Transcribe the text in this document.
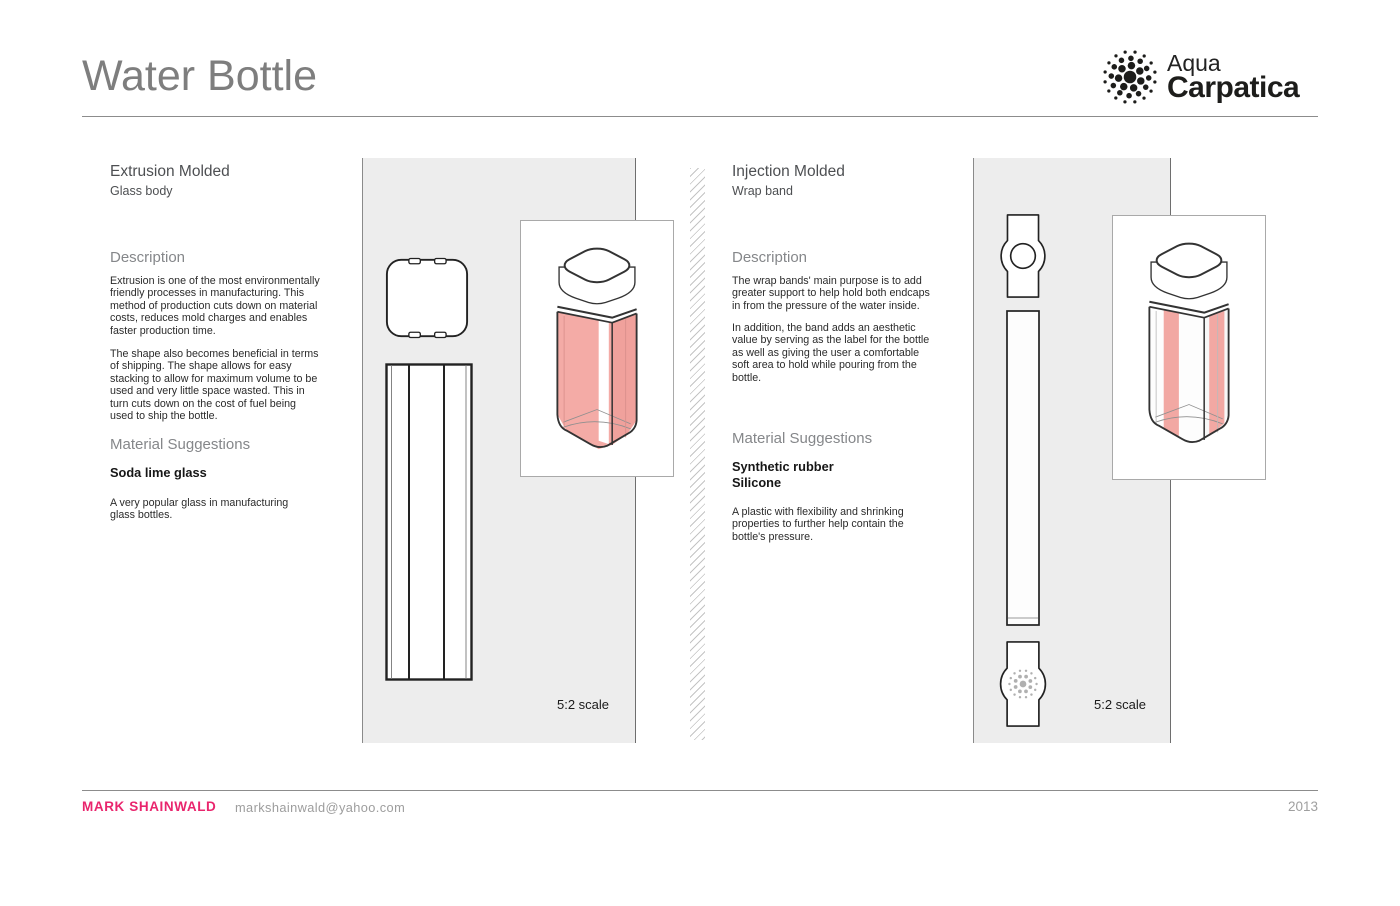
Water Bottle	Aqua
Carpatica
Extrusion Molded
Glass body
Description
Extrusion is one of the most environmentally friendly processes in manufacturing. This method of production cuts down on material costs, reduces mold charges and enables faster production time.
The shape also becomes beneficial in terms of shipping. The shape allows for easy stacking to allow for maximum volume to be used and very little space wasted. This in turn cuts down on the cost of fuel being used to ship the bottle.
Material Suggestions
Soda lime glass
A very popular glass in manufacturing glass bottles.
Injection Molded
Wrap band
Description
The wrap bands' main purpose is to add greater support to help hold both endcaps in from the pressure of the water inside.
In addition, the band adds an aesthetic value by serving as the label for the bottle as well as giving the user a comfortable soft area to hold while pouring from the bottle.
Material Suggestions
Synthetic rubber
Silicone
A plastic with flexibility and shrinking properties to further help contain the bottle's pressure.
5:2 scale	5:2 scale
MARK SHAINWALD markshainwald@yahoo.com	2013
